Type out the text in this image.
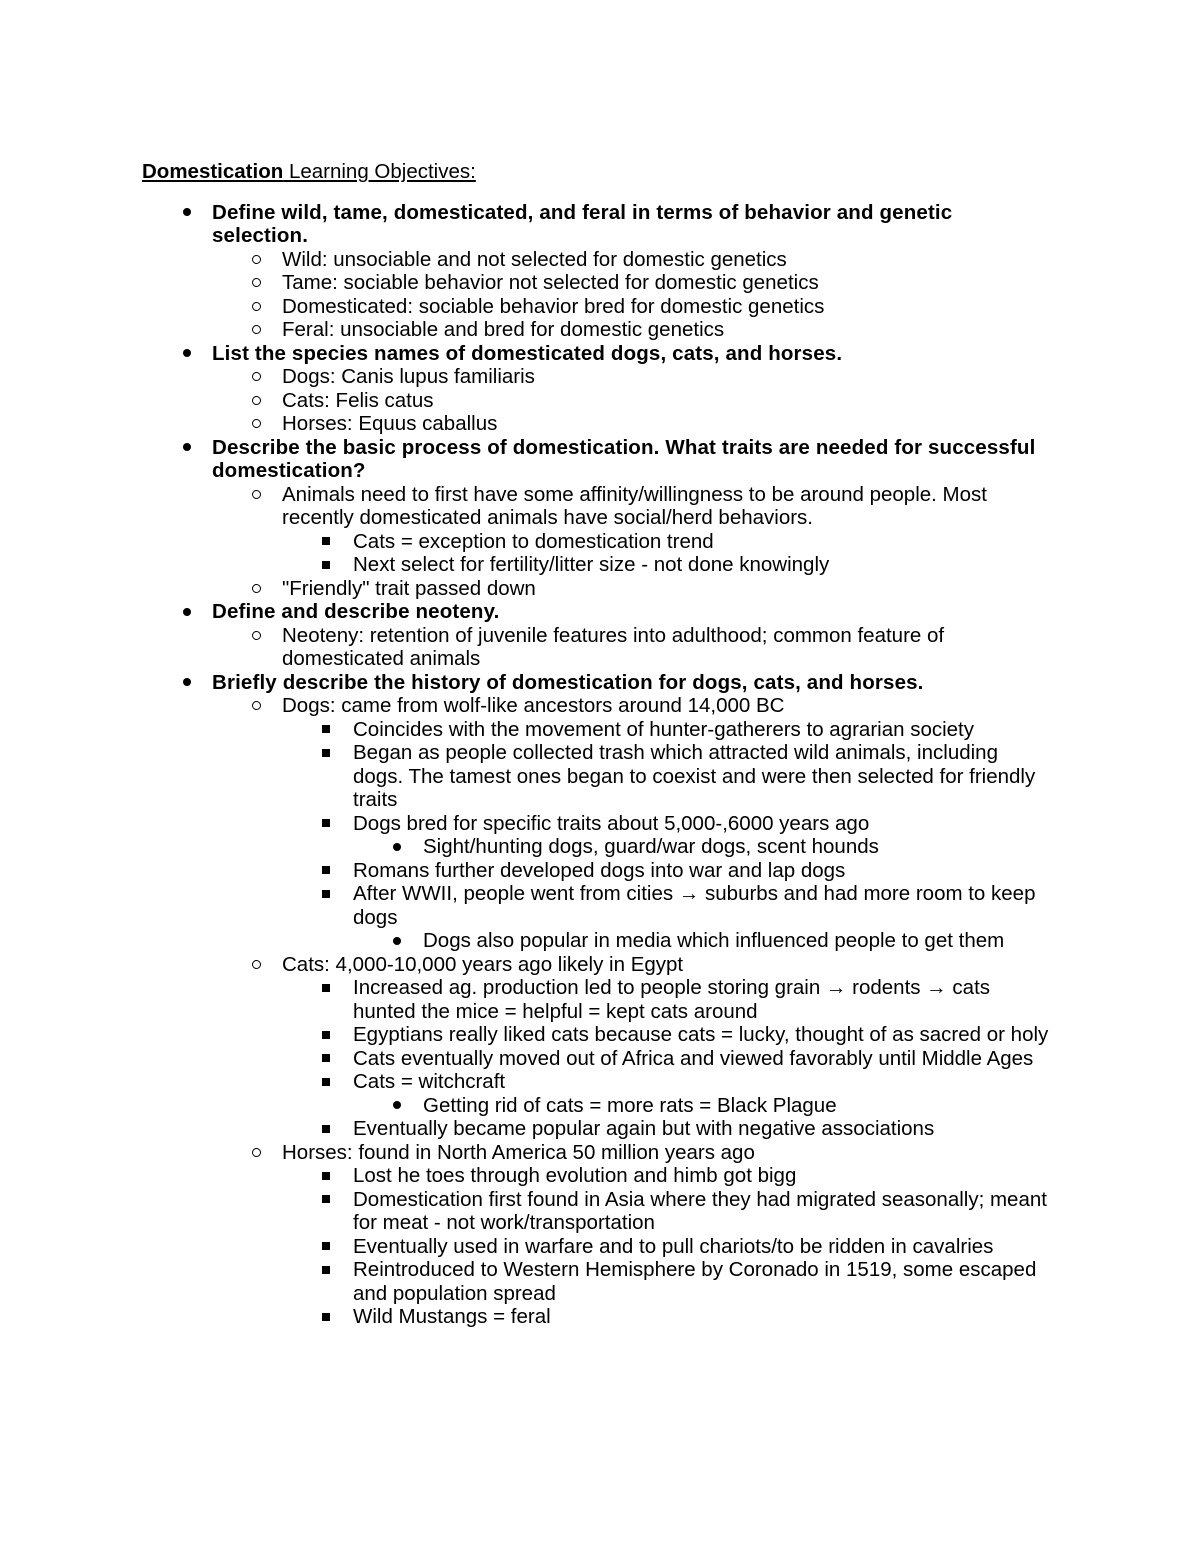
Domestication Learning Objectives:
Define wild, tame, domesticated, and feral in terms of behavior and genetic selection.
Wild: unsociable and not selected for domestic genetics
Tame: sociable behavior not selected for domestic genetics
Domesticated: sociable behavior bred for domestic genetics
Feral: unsociable and bred for domestic genetics
List the species names of domesticated dogs, cats, and horses.
Dogs: Canis lupus familiaris
Cats: Felis catus
Horses: Equus caballus
Describe the basic process of domestication. What traits are needed for successful domestication?
Animals need to first have some affinity/willingness to be around people. Most recently domesticated animals have social/herd behaviors.
Cats = exception to domestication trend
Next select for fertility/litter size - not done knowingly
"Friendly" trait passed down
Define and describe neoteny.
Neoteny: retention of juvenile features into adulthood; common feature of domesticated animals
Briefly describe the history of domestication for dogs, cats, and horses.
Dogs: came from wolf-like ancestors around 14,000 BC
Coincides with the movement of hunter-gatherers to agrarian society
Began as people collected trash which attracted wild animals, including dogs. The tamest ones began to coexist and were then selected for friendly traits
Dogs bred for specific traits about 5,000-,6000 years ago
Sight/hunting dogs, guard/war dogs, scent hounds
Romans further developed dogs into war and lap dogs
After WWII, people went from cities → suburbs and had more room to keep dogs
Dogs also popular in media which influenced people to get them
Cats: 4,000-10,000 years ago likely in Egypt
Increased ag. production led to people storing grain → rodents → cats hunted the mice = helpful = kept cats around
Egyptians really liked cats because cats = lucky, thought of as sacred or holy
Cats eventually moved out of Africa and viewed favorably until Middle Ages
Cats = witchcraft
Getting rid of cats = more rats = Black Plague
Eventually became popular again but with negative associations
Horses: found in North America 50 million years ago
Lost he toes through evolution and himb got bigg
Domestication first found in Asia where they had migrated seasonally; meant for meat - not work/transportation
Eventually used in warfare and to pull chariots/to be ridden in cavalries
Reintroduced to Western Hemisphere by Coronado in 1519, some escaped and population spread
Wild Mustangs = feral
